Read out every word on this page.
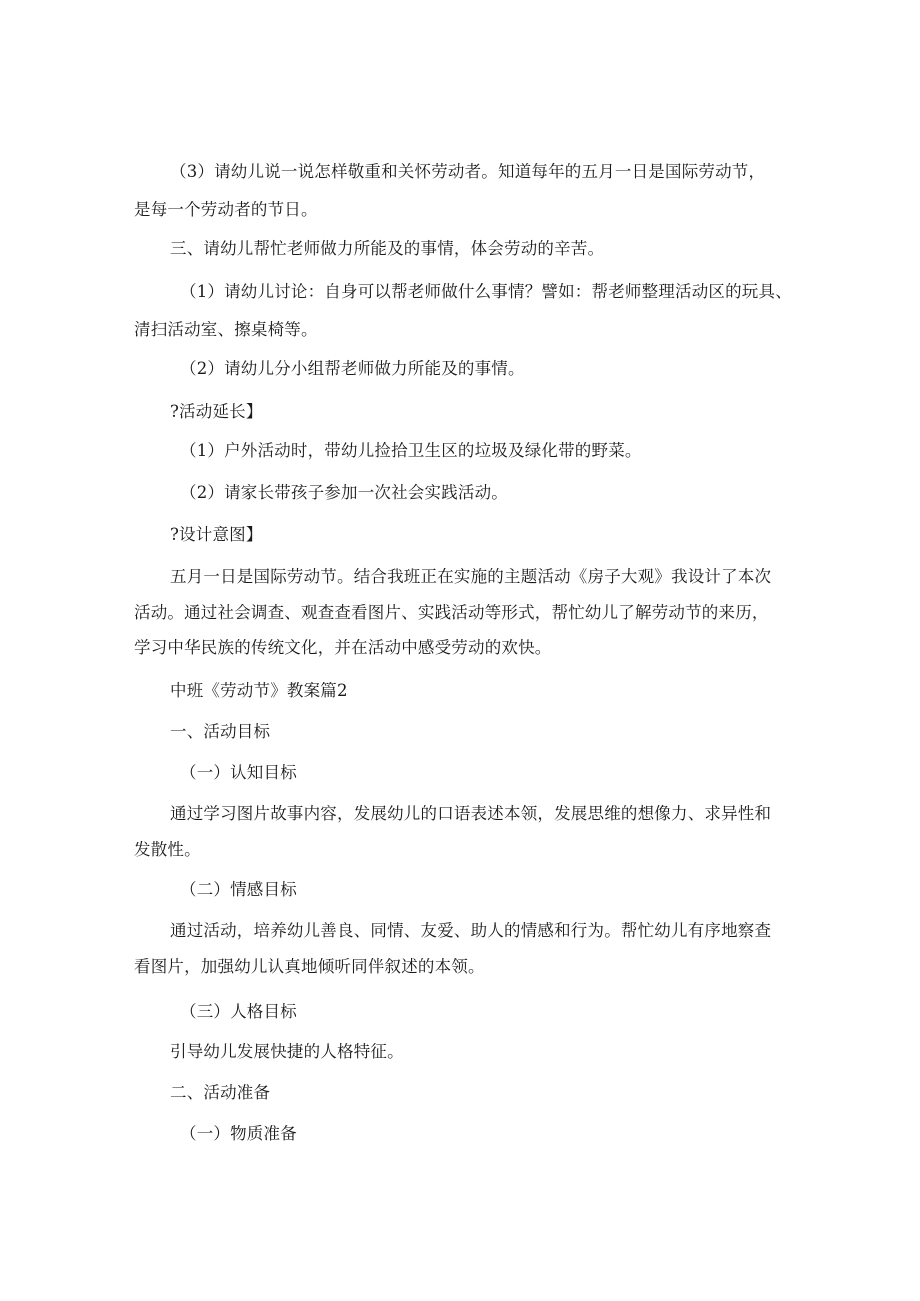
（3）请幼儿说一说怎样敬重和关怀劳动者。知道每年的五月一日是国际劳动节，
是每一个劳动者的节日。
三、请幼儿帮忙老师做力所能及的事情，体会劳动的辛苦。
（1）请幼儿讨论：自身可以帮老师做什么事情？譬如：帮老师整理活动区的玩具、
清扫活动室、擦桌椅等。
（2）请幼儿分小组帮老师做力所能及的事情。
?活动延长】
（1）户外活动时，带幼儿捡拾卫生区的垃圾及绿化带的野菜。
（2）请家长带孩子参加一次社会实践活动。
?设计意图】
五月一日是国际劳动节。结合我班正在实施的主题活动《房子大观》我设计了本次
活动。通过社会调查、观查查看图片、实践活动等形式，帮忙幼儿了解劳动节的来历，
学习中华民族的传统文化，并在活动中感受劳动的欢快。
中班《劳动节》教案篇2
一、活动目标
（一）认知目标
通过学习图片故事内容，发展幼儿的口语表述本领，发展思维的想像力、求异性和
发散性。
（二）情感目标
通过活动，培养幼儿善良、同情、友爱、助人的情感和行为。帮忙幼儿有序地察查
看图片，加强幼儿认真地倾听同伴叙述的本领。
（三）人格目标
引导幼儿发展快捷的人格特征。
二、活动准备
（一）物质准备
